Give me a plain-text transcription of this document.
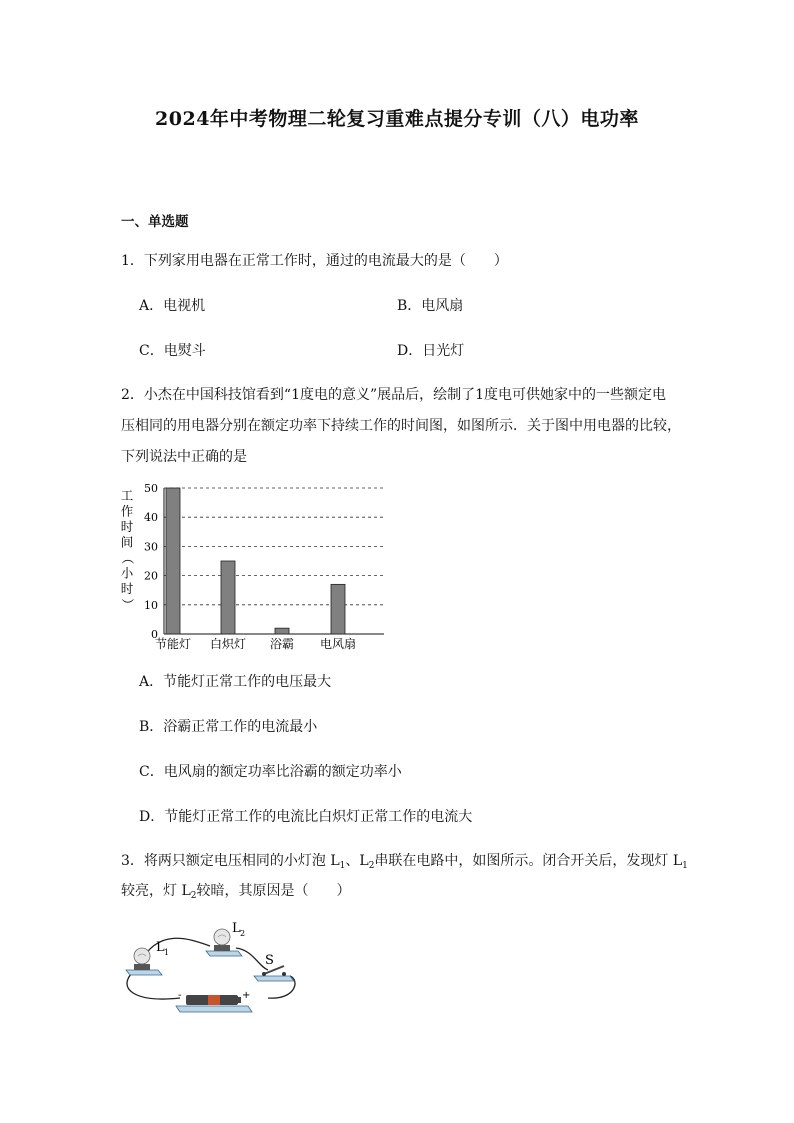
2024年中考物理二轮复习重难点提分专训（八）电功率
一、单选题
1．下列家用电器在正常工作时，通过的电流最大的是（　　）
A．电视机	B．电风扇
C．电熨斗	D．日光灯
2．小杰在中国科技馆看到“1度电的意义”展品后，绘制了1度电可供她家中的一些额定电
压相同的用电器分别在额定功率下持续工作的时间图，如图所示．关于图中用电器的比较，
下列说法中正确的是
工
作
时
间
（
小
时
）
0
10
20
30
40
50
节能灯 白炽灯 浴霸 电风扇
A．节能灯正常工作的电压最大
B．浴霸正常工作的电流最小
C．电风扇的额定功率比浴霸的额定功率小
D．节能灯正常工作的电流比白炽灯正常工作的电流大
3．将两只额定电压相同的小灯泡 $L_1$、$L_2$串联在电路中，如图所示。闭合开关后，发现灯 $L_1$
较亮，灯 $L_2$较暗，其原因是（　　）
L 1
L 2
S
-	+
